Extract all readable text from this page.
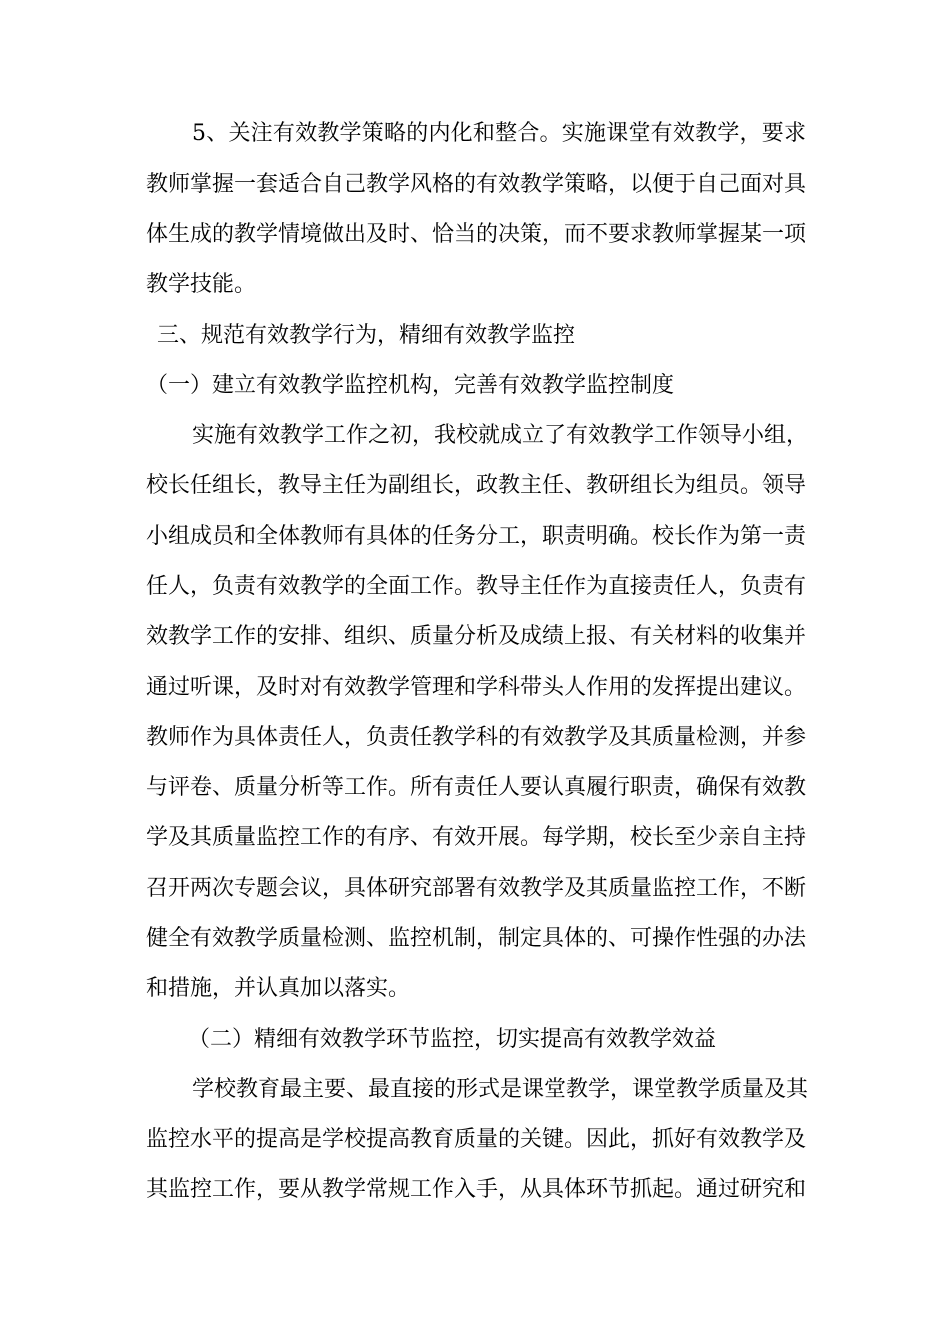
5、关注有效教学策略的内化和整合。实施课堂有效教学，要求

教师掌握一套适合自己教学风格的有效教学策略，以便于自己面对具

体生成的教学情境做出及时、恰当的决策，而不要求教师掌握某一项

教学技能。

三、规范有效教学行为，精细有效教学监控

（一）建立有效教学监控机构，完善有效教学监控制度

实施有效教学工作之初，我校就成立了有效教学工作领导小组，

校长任组长，教导主任为副组长，政教主任、教研组长为组员。领导

小组成员和全体教师有具体的任务分工，职责明确。校长作为第一责

任人，负责有效教学的全面工作。教导主任作为直接责任人，负责有

效教学工作的安排、组织、质量分析及成绩上报、有关材料的收集并

通过听课，及时对有效教学管理和学科带头人作用的发挥提出建议。

教师作为具体责任人，负责任教学科的有效教学及其质量检测，并参

与评卷、质量分析等工作。所有责任人要认真履行职责，确保有效教

学及其质量监控工作的有序、有效开展。每学期，校长至少亲自主持

召开两次专题会议，具体研究部署有效教学及其质量监控工作，不断

健全有效教学质量检测、监控机制，制定具体的、可操作性强的办法

和措施，并认真加以落实。

（二）精细有效教学环节监控，切实提高有效教学效益

学校教育最主要、最直接的形式是课堂教学，课堂教学质量及其

监控水平的提高是学校提高教育质量的关键。因此，抓好有效教学及

其监控工作，要从教学常规工作入手，从具体环节抓起。通过研究和
